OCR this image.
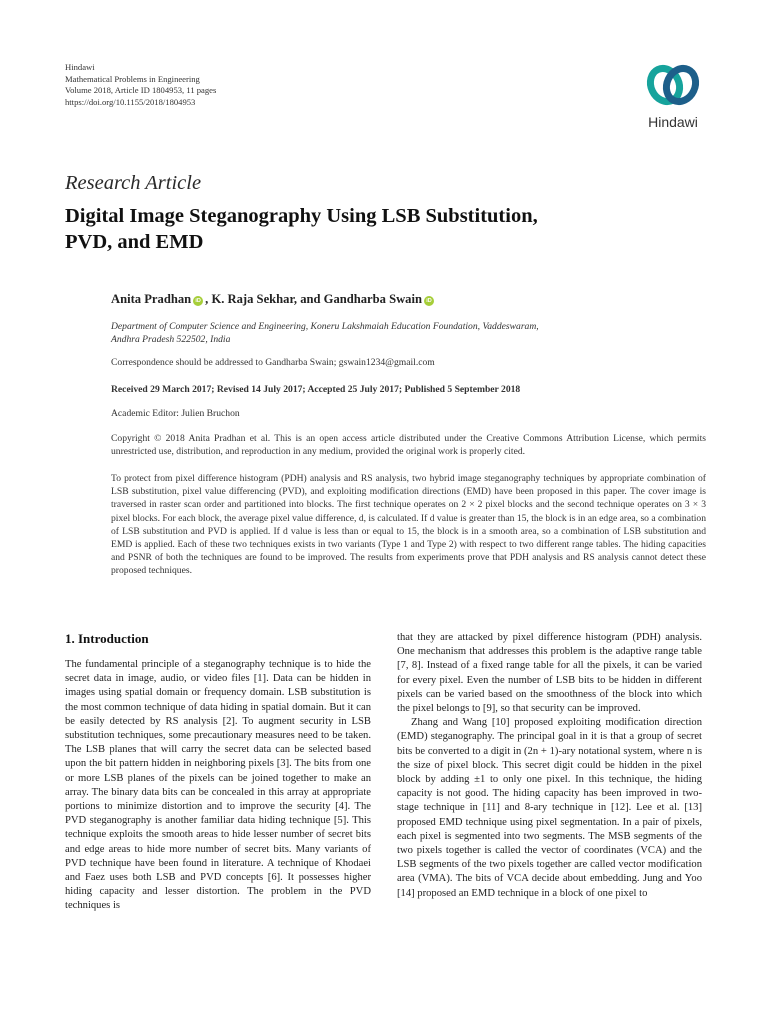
Hindawi
Mathematical Problems in Engineering
Volume 2018, Article ID 1804953, 11 pages
https://doi.org/10.1155/2018/1804953
Hindawi
Research Article
Digital Image Steganography Using LSB Substitution,
PVD, and EMD
Anita Pradhan iD , K. Raja Sekhar, and Gandharba Swain iD
Department of Computer Science and Engineering, Koneru Lakshmaiah Education Foundation, Vaddeswaram,
Andhra Pradesh 522502, India
Correspondence should be addressed to Gandharba Swain; gswain1234@gmail.com
Received 29 March 2017; Revised 14 July 2017; Accepted 25 July 2017; Published 5 September 2018
Academic Editor: Julien Bruchon
Copyright © 2018 Anita Pradhan et al. This is an open access article distributed under the Creative Commons Attribution License, which permits unrestricted use, distribution, and reproduction in any medium, provided the original work is properly cited.
To protect from pixel difference histogram (PDH) analysis and RS analysis, two hybrid image steganography techniques by appropriate combination of LSB substitution, pixel value differencing (PVD), and exploiting modification directions (EMD) have been proposed in this paper. The cover image is traversed in raster scan order and partitioned into blocks. The first technique operates on 2 × 2 pixel blocks and the second technique operates on 3 × 3 pixel blocks. For each block, the average pixel value difference, d, is calculated. If d value is greater than 15, the block is in an edge area, so a combination of LSB substitution and PVD is applied. If d value is less than or equal to 15, the block is in a smooth area, so a combination of LSB substitution and EMD is applied. Each of these two techniques exists in two variants (Type 1 and Type 2) with respect to two different range tables. The hiding capacities and PSNR of both the techniques are found to be improved. The results from experiments prove that PDH analysis and RS analysis cannot detect these proposed techniques.
1. Introduction

The fundamental principle of a steganography technique is to hide the secret data in image, audio, or video files [1]. Data can be hidden in images using spatial domain or frequency domain. LSB substitution is the most common technique of data hiding in spatial domain. But it can be easily detected by RS analysis [2]. To augment security in LSB substitution techniques, some precautionary measures need to be taken. The LSB planes that will carry the secret data can be selected based upon the bit pattern hidden in neighboring pixels [3]. The bits from one or more LSB planes of the pixels can be joined together to make an array. The binary data bits can be concealed in this array at appropriate portions to minimize distortion and to improve the security [4]. The PVD steganography is another familiar data hiding technique [5]. This technique exploits the smooth areas to hide lesser number of secret bits and edge areas to hide more number of secret bits. Many variants of PVD technique have been found in literature. A technique of Khodaei and Faez uses both LSB and PVD concepts [6]. It possesses higher hiding capacity and lesser distortion. The problem in the PVD techniques is

that they are attacked by pixel difference histogram (PDH) analysis. One mechanism that addresses this problem is the adaptive range table [7, 8]. Instead of a fixed range table for all the pixels, it can be varied for every pixel. Even the number of LSB bits to be hidden in different pixels can be varied based on the smoothness of the block into which the pixel belongs to [9], so that security can be improved.

Zhang and Wang [10] proposed exploiting modification direction (EMD) steganography. The principal goal in it is that a group of secret bits be converted to a digit in (2n + 1)-ary notational system, where n is the size of pixel block. This secret digit could be hidden in the pixel block by adding ±1 to only one pixel. In this technique, the hiding capacity is not good. The hiding capacity has been improved in two-stage technique in [11] and 8-ary technique in [12]. Lee et al. [13] proposed EMD technique using pixel segmentation. In a pair of pixels, each pixel is segmented into two segments. The MSB segments of the two pixels together is called the vector of coordinates (VCA) and the LSB segments of the two pixels together are called vector modification area (VMA). The bits of VCA decide about embedding. Jung and Yoo [14] proposed an EMD technique in a block of one pixel to
